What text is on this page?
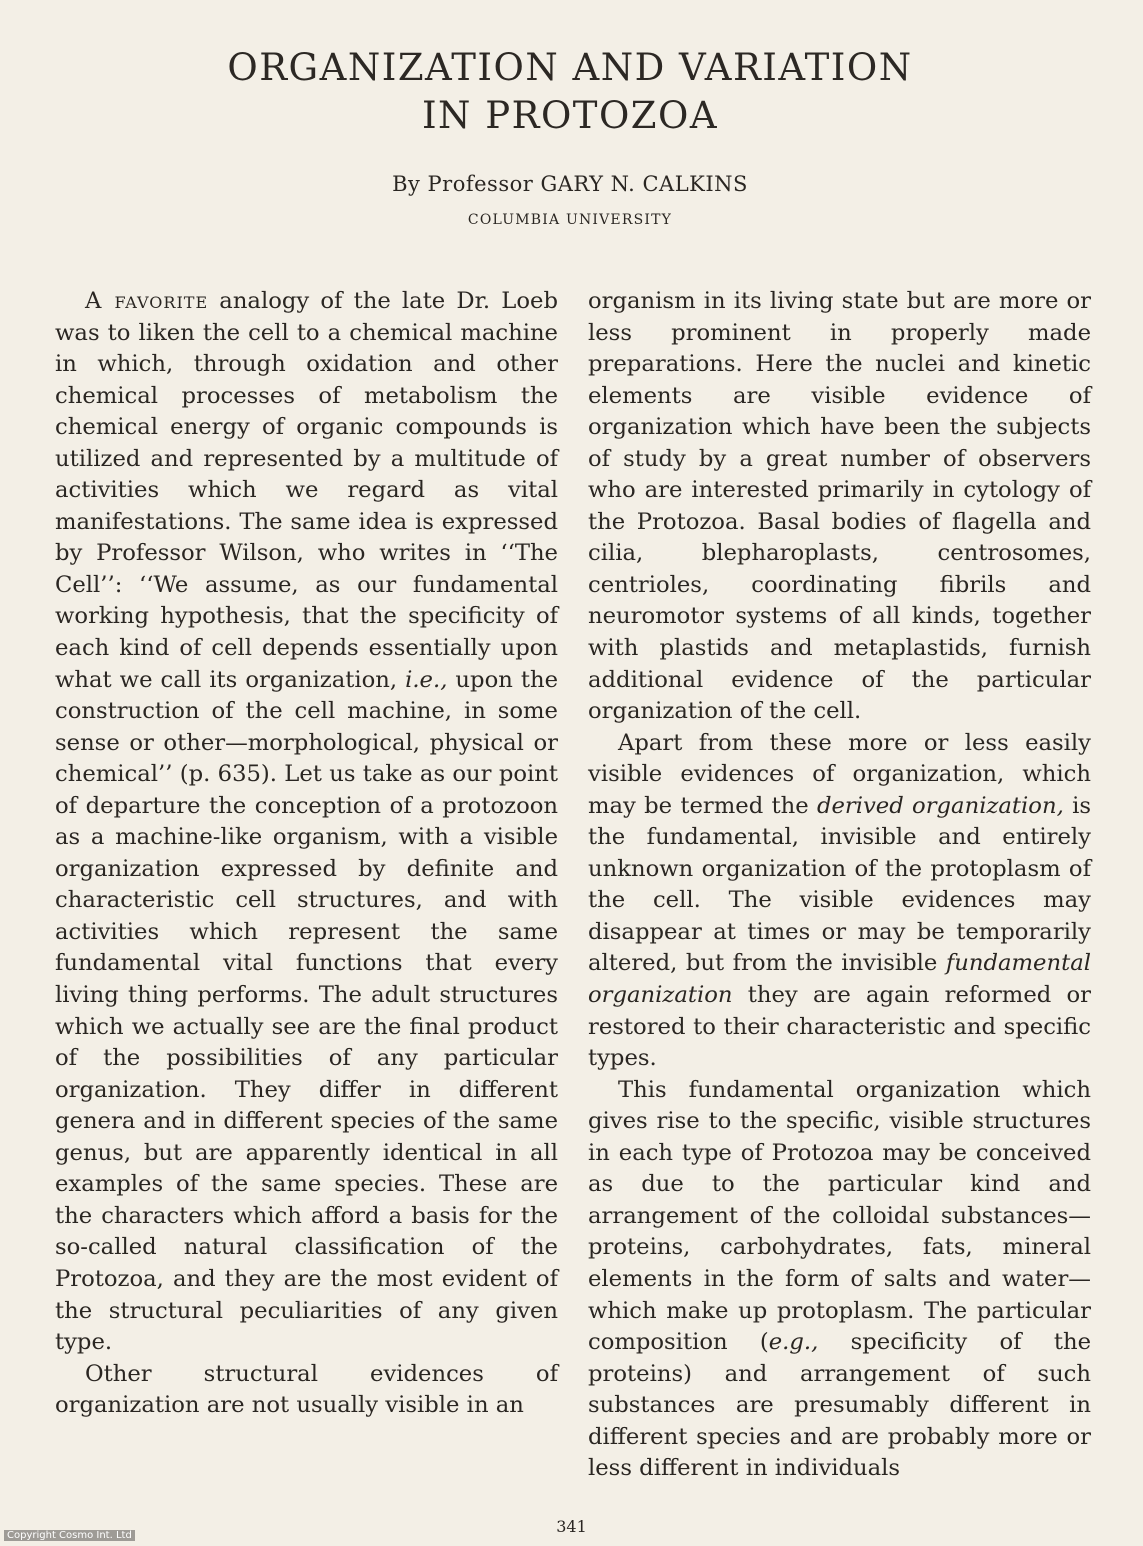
ORGANIZATION AND VARIATION
IN PROTOZOA
By Professor GARY N. CALKINS
COLUMBIA UNIVERSITY

A favorite analogy of the late Dr. Loeb was to liken the cell to a chemical machine in which, through oxidation and other chemical processes of metabolism the chemical energy of organic compounds is utilized and represented by a multitude of activities which we regard as vital manifestations. The same idea is expressed by Professor Wilson, who writes in ‘‘The Cell’’: ‘‘We assume, as our fundamental working hypothesis, that the specificity of each kind of cell depends essentially upon what we call its organization, i.e., upon the construction of the cell machine, in some sense or other—morphological, physical or chemical’’ (p. 635). Let us take as our point of departure the conception of a protozoon as a machine-like organism, with a visible organization expressed by definite and characteristic cell structures, and with activities which represent the same fundamental vital functions that every living thing performs. The adult structures which we actually see are the final product of the possibilities of any particular organization. They differ in different genera and in different species of the same genus, but are apparently identical in all examples of the same species. These are the characters which afford a basis for the so-called natural classification of the Protozoa, and they are the most evident of the structural peculiarities of any given type.

Other structural evidences of organization are not usually visible in an

organism in its living state but are more or less prominent in properly made preparations. Here the nuclei and kinetic elements are visible evidence of organization which have been the subjects of study by a great number of observers who are interested primarily in cytology of the Protozoa. Basal bodies of flagella and cilia, blepharoplasts, centrosomes, centrioles, coordinating fibrils and neuromotor systems of all kinds, together with plastids and metaplastids, furnish additional evidence of the particular organization of the cell.

Apart from these more or less easily visible evidences of organization, which may be termed the derived organization, is the fundamental, invisible and entirely unknown organization of the protoplasm of the cell. The visible evidences may disappear at times or may be temporarily altered, but from the invisible fundamental organization they are again reformed or restored to their characteristic and specific types.

This fundamental organization which gives rise to the specific, visible structures in each type of Protozoa may be conceived as due to the particular kind and arrangement of the colloidal substances—proteins, carbohydrates, fats, mineral elements in the form of salts and water—which make up protoplasm. The particular composition (e.g., specificity of the proteins) and arrangement of such substances are presumably different in different species and are probably more or less different in individuals

341
Copyright Cosmo Int. Ltd
